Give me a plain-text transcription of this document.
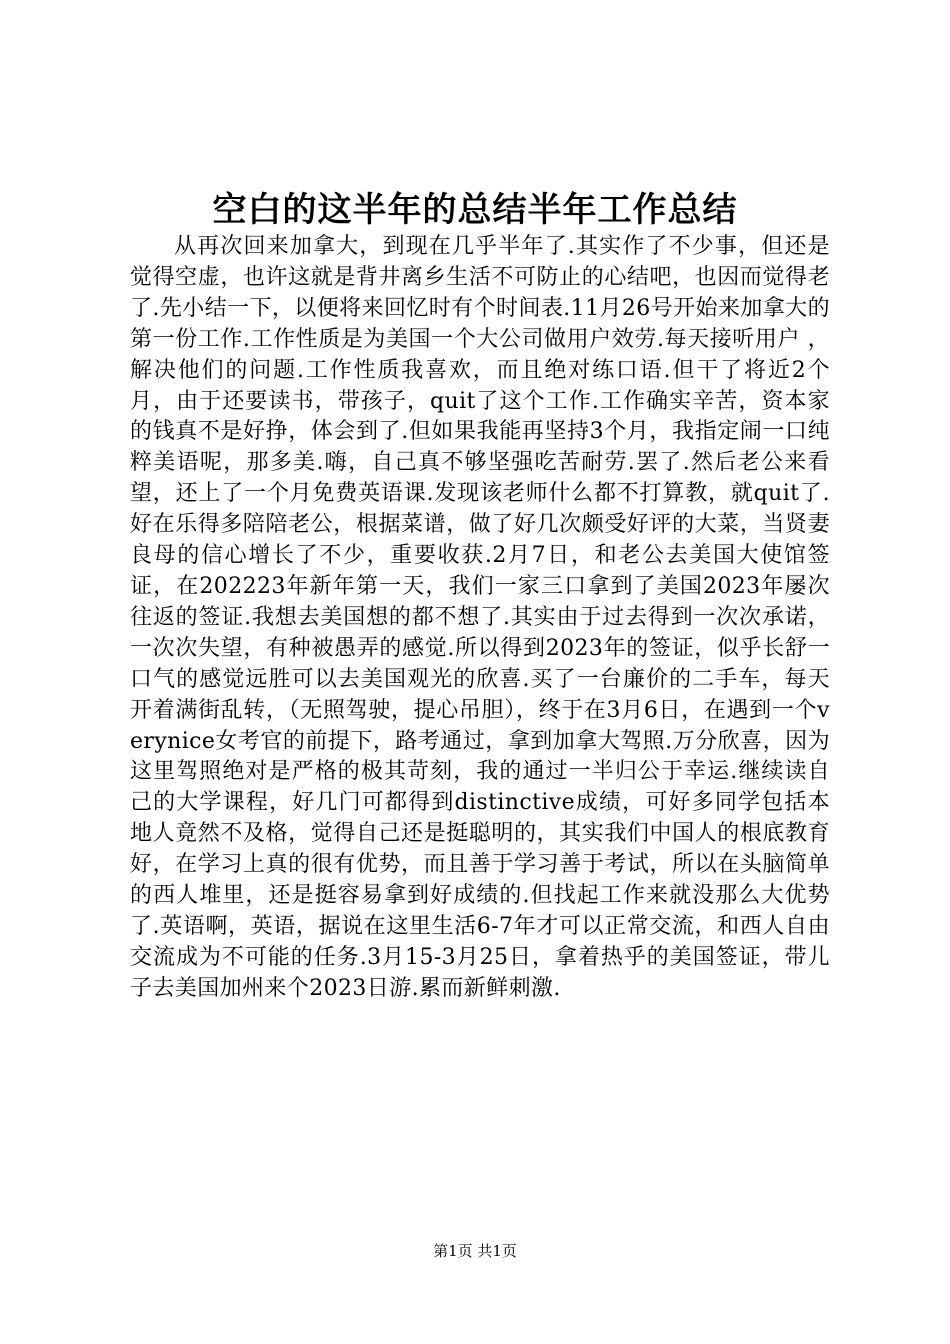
空白的这半年的总结半年工作总结

从再次回来加拿大，到现在几乎半年了.其实作了不少事，但还是觉得空虚，也许这就是背井离乡生活不可防止的心结吧，也因而觉得老了.先小结一下，以便将来回忆时有个时间表.11月26号开始来加拿大的第一份工作.工作性质是为美国一个大公司做用户效劳.每天接听用户 ，解决他们的问题.工作性质我喜欢，而且绝对练口语.但干了将近2个月，由于还要读书，带孩子，quit了这个工作.工作确实辛苦，资本家的钱真不是好挣，体会到了.但如果我能再坚持3个月，我指定闹一口纯粹美语呢，那多美.嗨，自己真不够坚强吃苦耐劳.罢了.然后老公来看望，还上了一个月免费英语课.发现该老师什么都不打算教，就quit了.好在乐得多陪陪老公，根据菜谱，做了好几次颇受好评的大菜，当贤妻良母的信心增长了不少，重要收获.2月7日，和老公去美国大使馆签证，在202223年新年第一天，我们一家三口拿到了美国2023年屡次往返的签证.我想去美国想的都不想了.其实由于过去得到一次次承诺，一次次失望，有种被愚弄的感觉.所以得到2023年的签证，似乎长舒一口气的感觉远胜可以去美国观光的欣喜.买了一台廉价的二手车，每天开着满街乱转，（无照驾驶，提心吊胆），终于在3月6日，在遇到一个verynice女考官的前提下，路考通过，拿到加拿大驾照.万分欣喜，因为这里驾照绝对是严格的极其苛刻，我的通过一半归公于幸运.继续读自己的大学课程，好几门可都得到distinctive成绩，可好多同学包括本地人竟然不及格，觉得自己还是挺聪明的，其实我们中国人的根底教育好，在学习上真的很有优势，而且善于学习善于考试，所以在头脑简单的西人堆里，还是挺容易拿到好成绩的.但找起工作来就没那么大优势了.英语啊，英语，据说在这里生活6-7年才可以正常交流，和西人自由交流成为不可能的任务.3月15-3月25日，拿着热乎的美国签证，带儿子去美国加州来个2023日游.累而新鲜刺激.

第1页 共1页
